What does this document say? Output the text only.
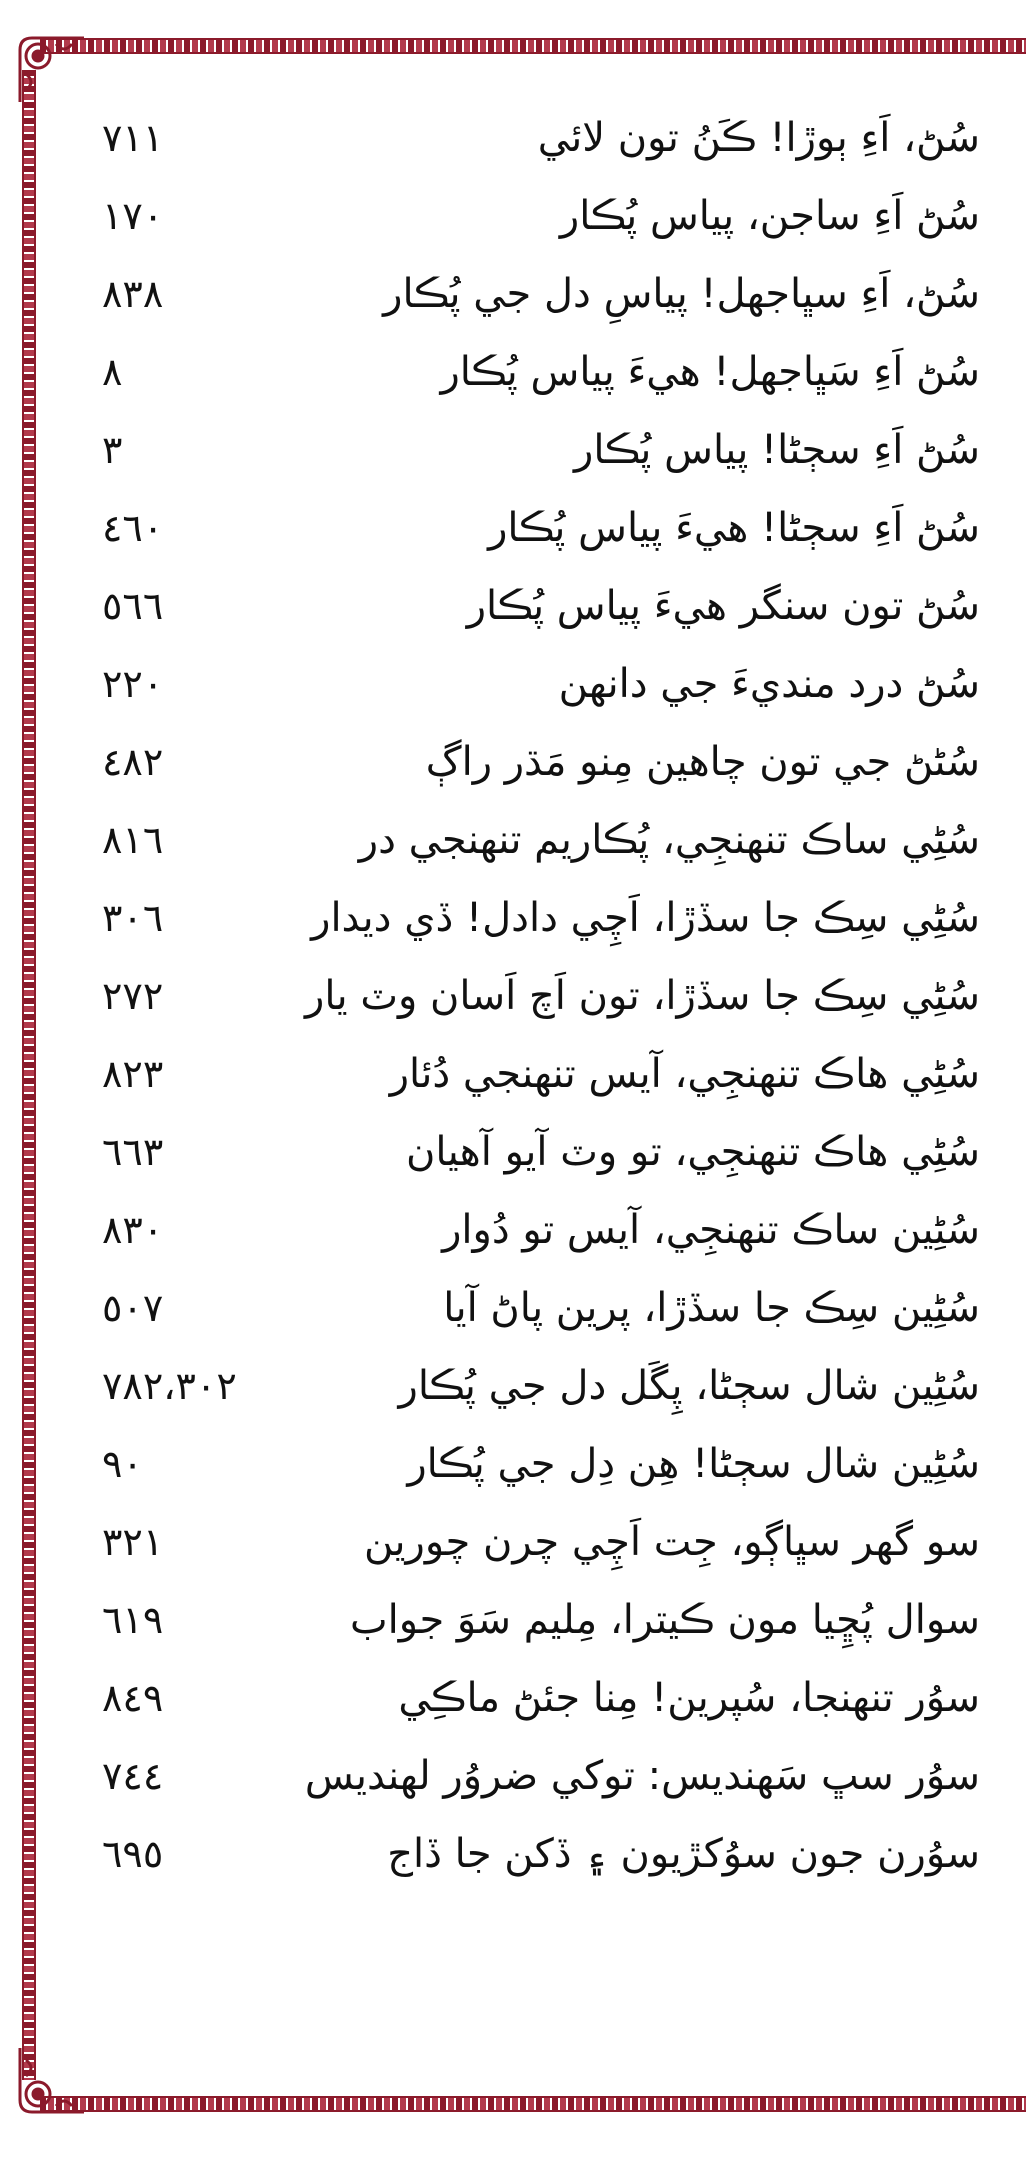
سُڻ، اَءِ ٻوڙا! ڪَنُ تون لائي
٧١١
سُڻ اَءِ ساجن، پياس پُڪار
١٧٠
سُڻ، اَءِ سڀاجهل! پياسِ دل جي پُڪار
٨٣٨
سُڻ اَءِ سَڀاجهل! هيءَ پياس پُڪار
٨
سُڻ اَءِ سڄڻا! پياس پُڪار
٣
سُڻ اَءِ سڄڻا! هيءَ پياس پُڪار
٤٦٠
سُڻ تون سنگر هيءَ پياس پُڪار
٥٦٦
سُڻ درد منديءَ جي دانهن
٢٢٠
سُڻڻ جي تون چاهين مِنو مَڌر راڳ
٤٨٢
سُڻِي ساڪ تنهنجِي، پُڪاريم تنهنجي در
٨١٦
سُڻِي سِڪ جا سڏڙا، اَچِي دادل! ڏي ديدار
٣٠٦
سُڻِي سِڪ جا سڏڙا، تون اَچ اَسان وٽ يار
٢٧٢
سُڻِي هاڪ تنهنجِي، آيس تنهنجي دُئار
٨٢٣
سُڻِي هاڪ تنهنجِي، تو وٽ آيو آهيان
٦٦٣
سُڻِين ساڪ تنهنجِي، آيس تو دُوار
٨٣٠
سُڻِين سِڪ جا سڏڙا، پرين پاڻ آيا
٥٠٧
سُڻِين شال سڄڻا، پِگَل دل جي پُڪار
٧٨٢،٣٠٢
سُڻِين شال سڄڻا! هِن دِل جي پُڪار
٩٠
سو گهر سڀاڳو، جِت اَچِي چرن چورين
٣٢١
سوال پُڇِيا مون ڪيترا، مِليم سَوَ جواب
٦١٩
سوُر تنهنجا، سُپرين! مِنا جئڻ ماڪِي
٨٤٩
سوُر سڀ سَهنديس: توکي ضروُر لهنديس
٧٤٤
سوُرن جون سوُکڙيون ۽ ڏکن جا ڏاج
٦٩٥
